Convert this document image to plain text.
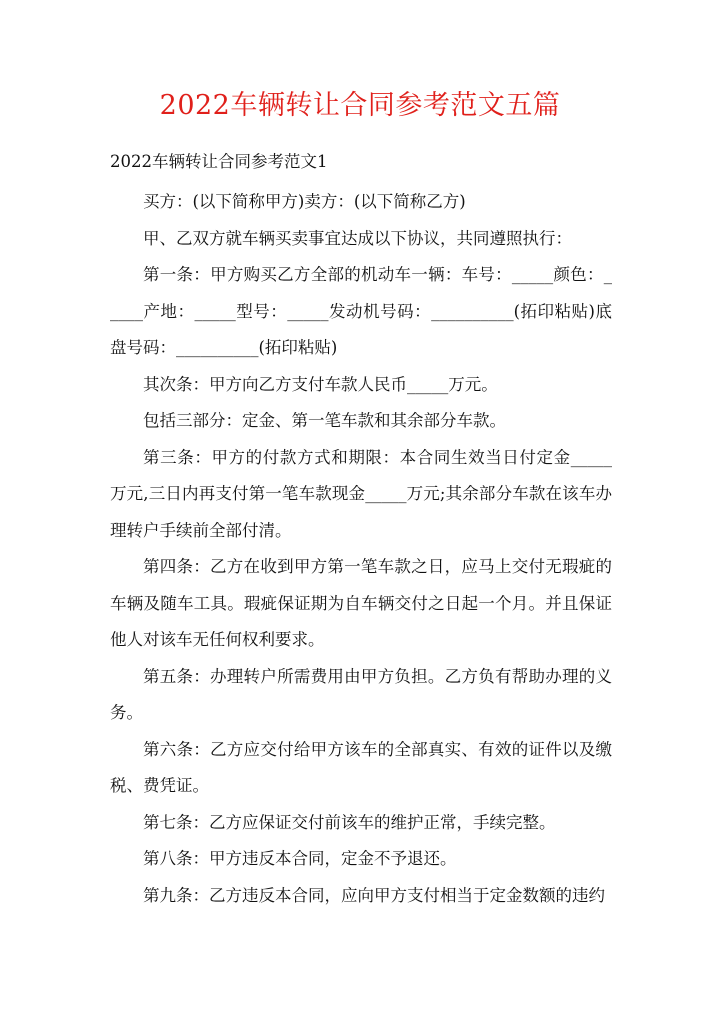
2022车辆转让合同参考范文五篇
2022车辆转让合同参考范文1

买方：(以下简称甲方)卖方：(以下简称乙方)

甲、乙双方就车辆买卖事宜达成以下协议，共同遵照执行：

第一条：甲方购买乙方全部的机动车一辆：车号：_____颜色：_____产地：_____型号：_____发动机号码：__________(拓印粘贴)底盘号码：__________(拓印粘贴)

其次条：甲方向乙方支付车款人民币_____万元。

包括三部分：定金、第一笔车款和其余部分车款。

第三条：甲方的付款方式和期限：本合同生效当日付定金_____万元,三日内再支付第一笔车款现金_____万元;其余部分车款在该车办理转户手续前全部付清。

第四条：乙方在收到甲方第一笔车款之日，应马上交付无瑕疵的车辆及随车工具。瑕疵保证期为自车辆交付之日起一个月。并且保证他人对该车无任何权利要求。

第五条：办理转户所需费用由甲方负担。乙方负有帮助办理的义务。

第六条：乙方应交付给甲方该车的全部真实、有效的证件以及缴税、费凭证。

第七条：乙方应保证交付前该车的维护正常，手续完整。

第八条：甲方违反本合同，定金不予退还。

第九条：乙方违反本合同，应向甲方支付相当于定金数额的违约
